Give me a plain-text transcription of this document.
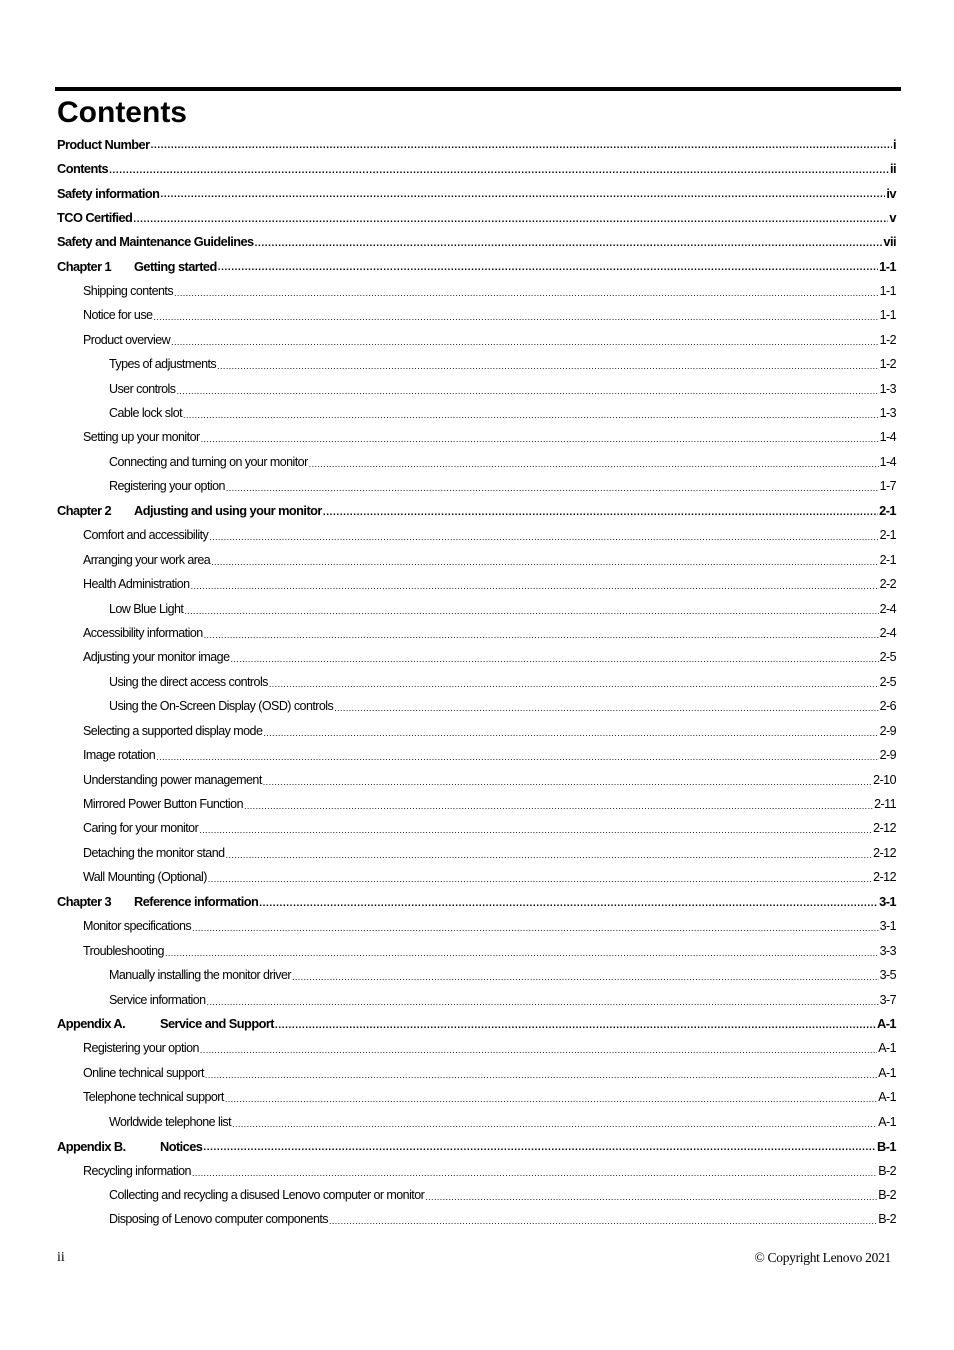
Contents
Product Number .....	i
Contents .....	ii
Safety information .....	iv
TCO Certified .....	v
Safety and Maintenance Guidelines .....	vii
Chapter 1	Getting started .....	1-1
Shipping contents .....	1-1
Notice for use .....	1-1
Product overview .....	1-2
Types of adjustments .....	1-2
User controls .....	1-3
Cable lock slot .....	1-3
Setting up your monitor .....	1-4
Connecting and turning on your monitor .....	1-4
Registering your option .....	1-7
Chapter 2	Adjusting and using your monitor .....	2-1
Comfort and accessibility .....	2-1
Arranging your work area .....	2-1
Health Administration .....	2-2
Low Blue Light .....	2-4
Accessibility information .....	2-4
Adjusting your monitor image .....	2-5
Using the direct access controls .....	2-5
Using the On-Screen Display (OSD) controls .....	2-6
Selecting a supported display mode .....	2-9
Image rotation .....	2-9
Understanding power management .....	2-10
Mirrored Power Button Function .....	2-11
Caring for your monitor .....	2-12
Detaching the monitor stand .....	2-12
Wall Mounting (Optional) .....	2-12
Chapter 3	Reference information .....	3-1
Monitor specifications .....	3-1
Troubleshooting .....	3-3
Manually installing the monitor driver .....	3-5
Service information .....	3-7
Appendix A.	Service and Support .....	A-1
Registering your option .....	A-1
Online technical support .....	A-1
Telephone technical support .....	A-1
Worldwide telephone list .....	A-1
Appendix B.	Notices .....	B-1
Recycling information .....	B-2
Collecting and recycling a disused Lenovo computer or monitor .....	B-2
Disposing of Lenovo computer components .....	B-2
ii	© Copyright Lenovo 2021
